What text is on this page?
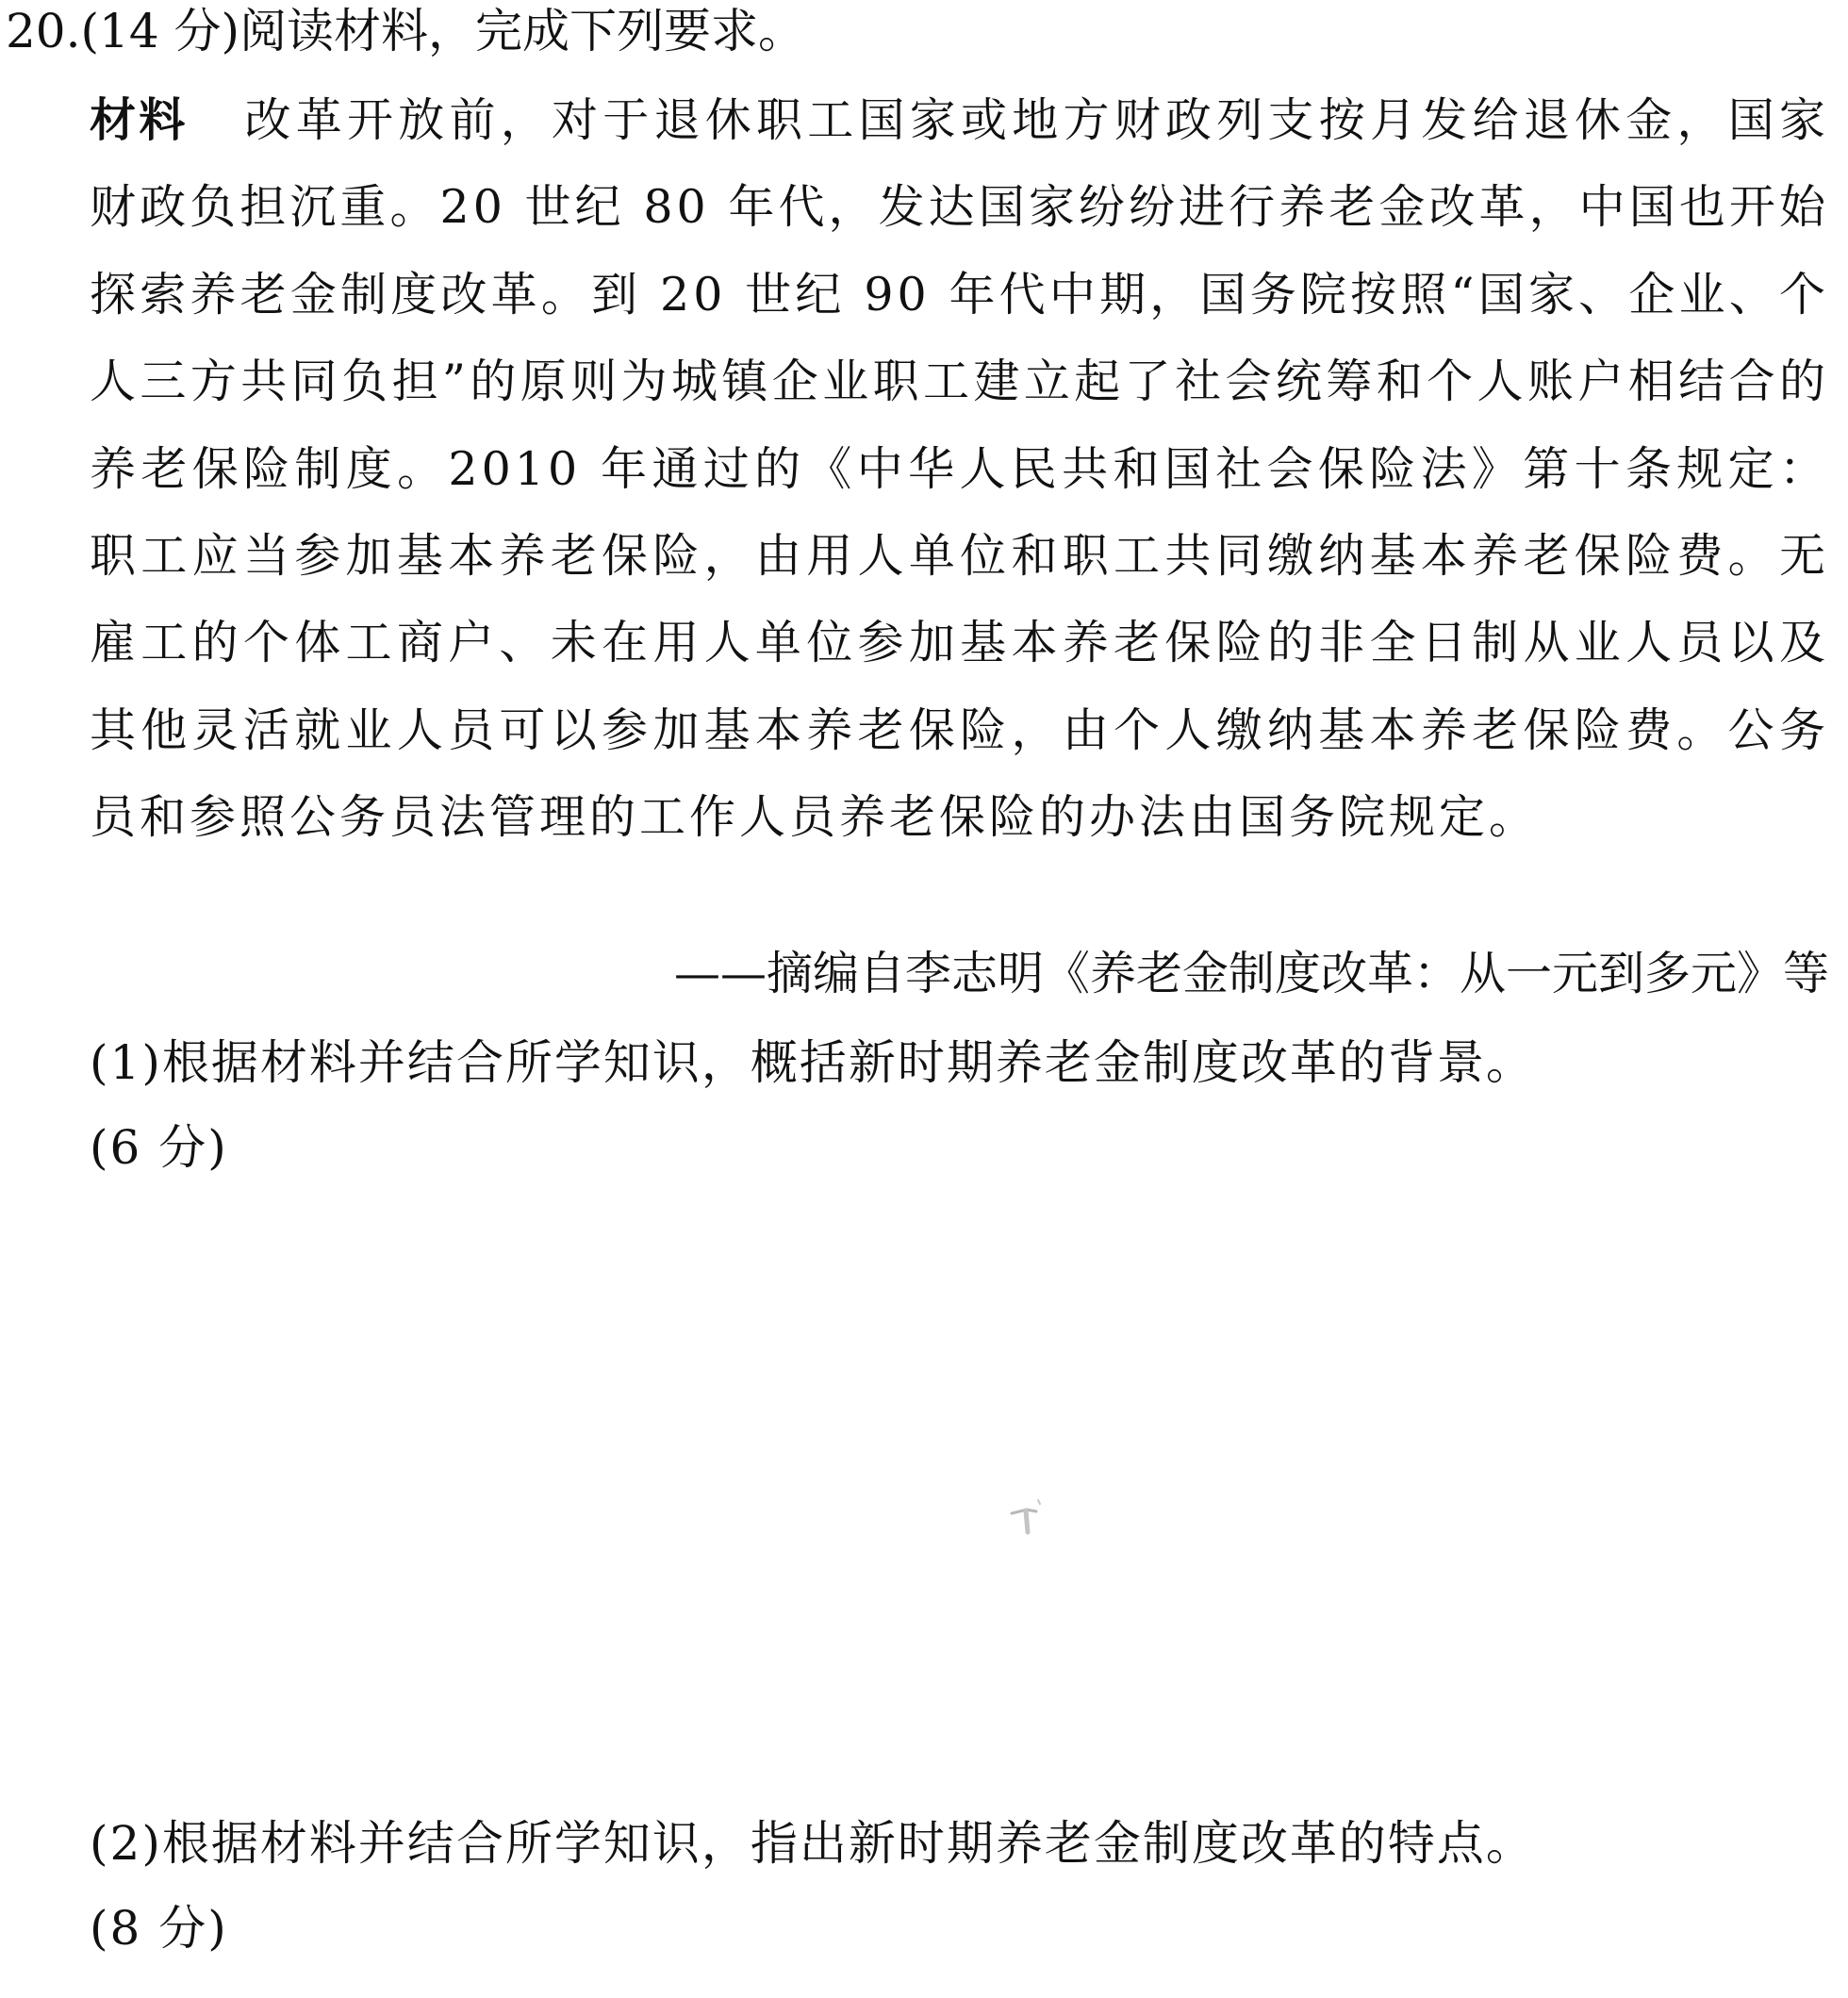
20.(14 分)阅读材料，完成下列要求。
材料 改革开放前，对于退休职工国家或地方财政列支按月发给退休金，国家财政负担沉重。20 世纪 80 年代，发达国家纷纷进行养老金改革，中国也开始探索养老金制度改革。到 20 世纪 90 年代中期，国务院按照“国家、企业、个人三方共同负担”的原则为城镇企业职工建立起了社会统筹和个人账户相结合的养老保险制度。2010 年通过的《中华人民共和国社会保险法》第十条规定：职工应当参加基本养老保险，由用人单位和职工共同缴纳基本养老保险费。无雇工的个体工商户、未在用人单位参加基本养老保险的非全日制从业人员以及其他灵活就业人员可以参加基本养老保险，由个人缴纳基本养老保险费。公务员和参照公务员法管理的工作人员养老保险的办法由国务院规定。
——摘编自李志明《养老金制度改革：从一元到多元》等
(1)根据材料并结合所学知识，概括新时期养老金制度改革的背景。
(6 分)
(2)根据材料并结合所学知识，指出新时期养老金制度改革的特点。
(8 分)
